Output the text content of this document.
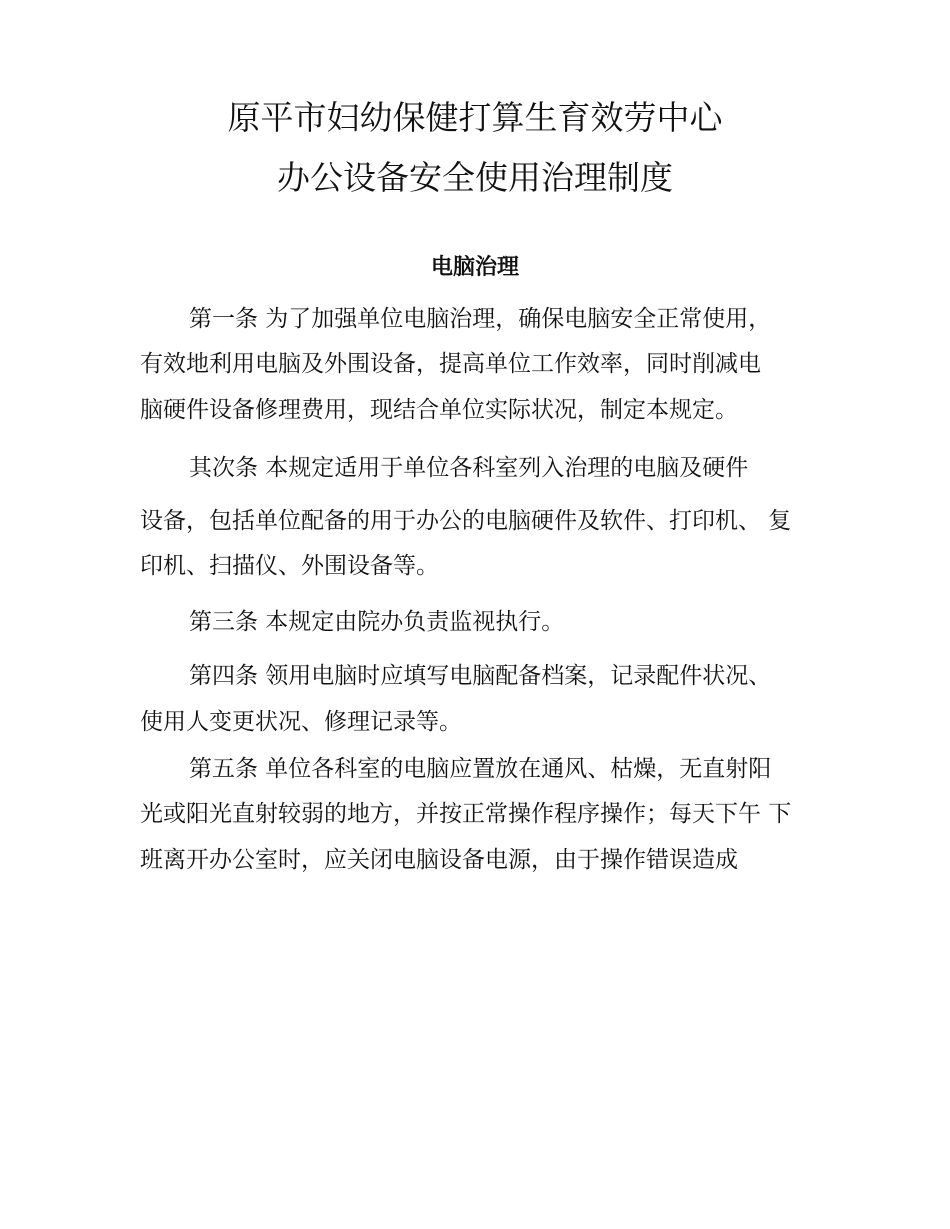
原平市妇幼保健打算生育效劳中心
办公设备安全使用治理制度
电脑治理
第一条 为了加强单位电脑治理，确保电脑安全正常使用，
有效地利用电脑及外围设备，提高单位工作效率，同时削减电
脑硬件设备修理费用，现结合单位实际状况，制定本规定。
其次条 本规定适用于单位各科室列入治理的电脑及硬件
设备，包括单位配备的用于办公的电脑硬件及软件、打印机、 复
印机、扫描仪、外围设备等。
第三条 本规定由院办负责监视执行。
第四条 领用电脑时应填写电脑配备档案，记录配件状况、
使用人变更状况、修理记录等。
第五条 单位各科室的电脑应置放在通风、枯燥，无直射阳
光或阳光直射较弱的地方，并按正常操作程序操作；每天下午 下
班离开办公室时，应关闭电脑设备电源，由于操作错误造成
